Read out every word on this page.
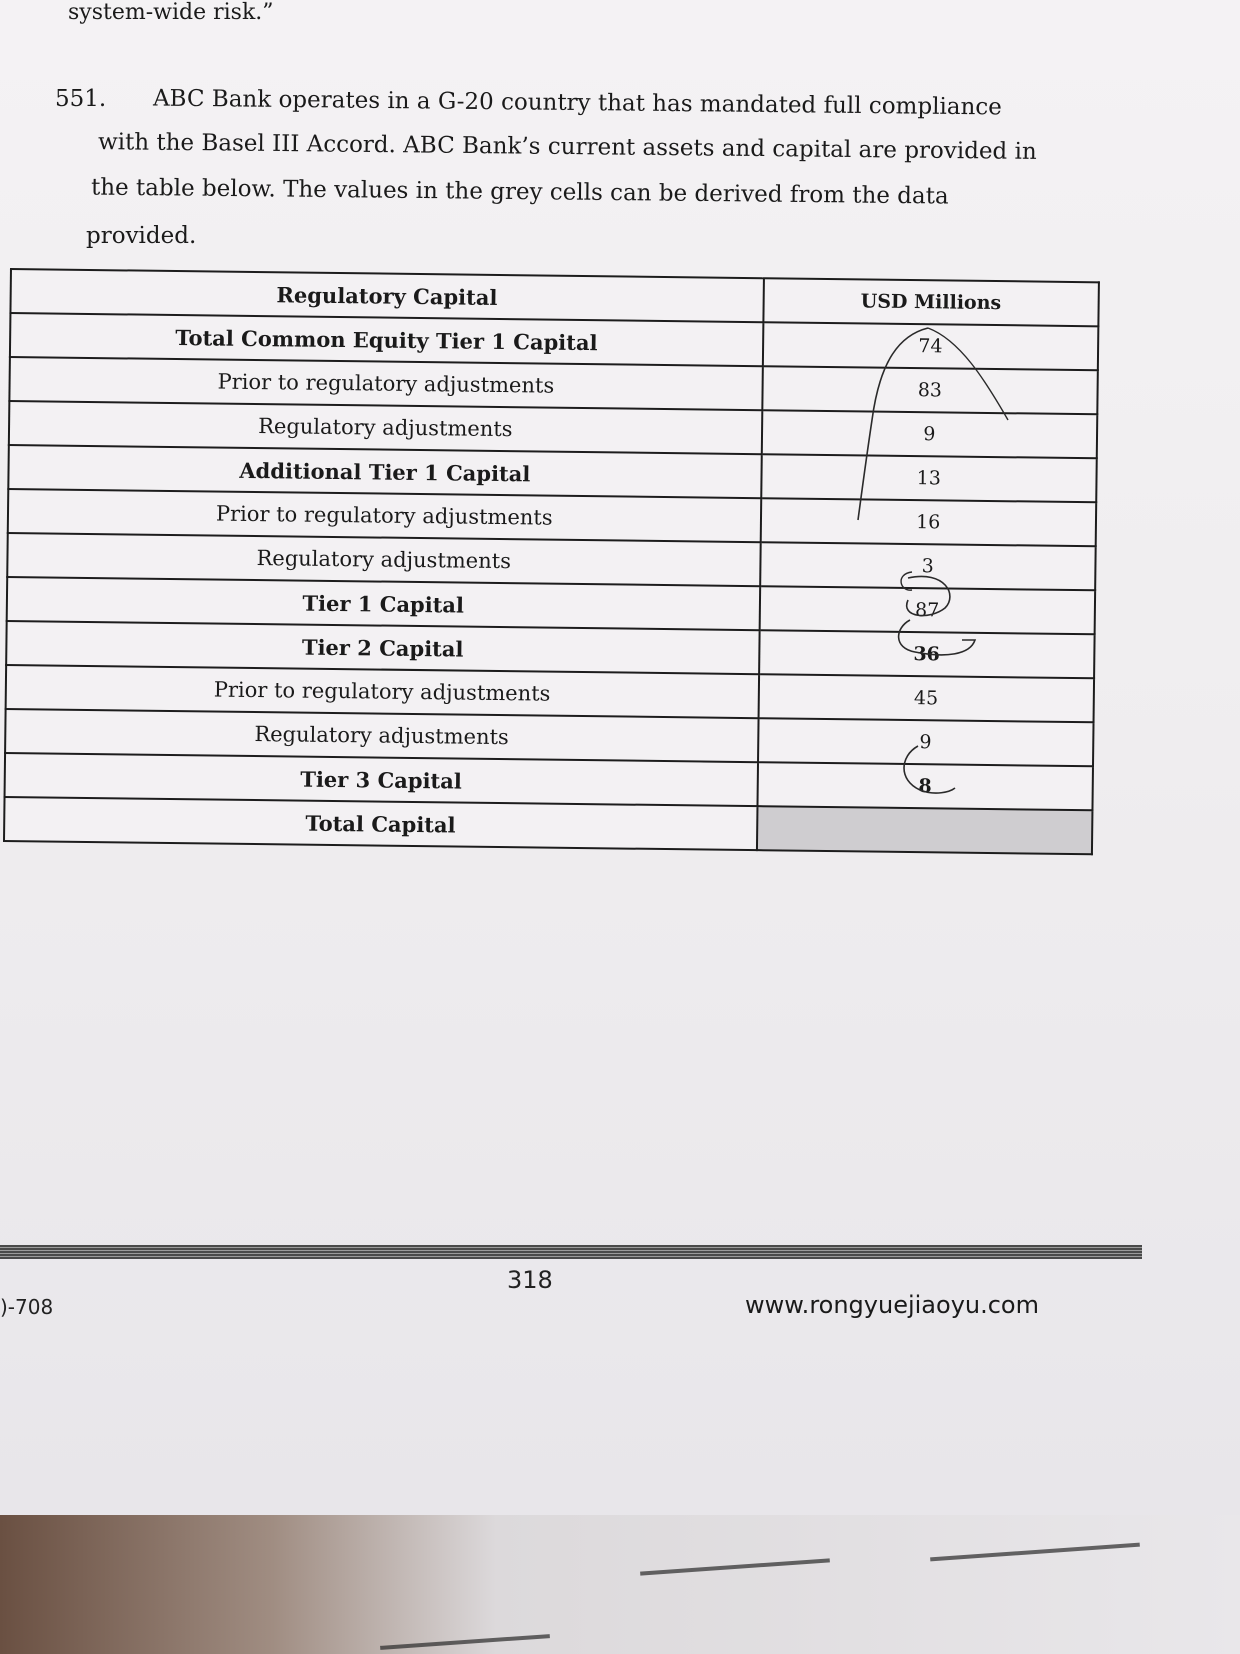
system-wide risk.”
551. ABC Bank operates in a G-20 country that has mandated full compliance
with the Basel III Accord. ABC Bank’s current assets and capital are provided in
the table below. The values in the grey cells can be derived from the data
provided.
Regulatory Capital	USD Millions
Total Common Equity Tier 1 Capital	74
Prior to regulatory adjustments	83
Regulatory adjustments	9
Additional Tier 1 Capital	13
Prior to regulatory adjustments	16
Regulatory adjustments	3
Tier 1 Capital	87
Tier 2 Capital	36
Prior to regulatory adjustments	45
Regulatory adjustments	9
Tier 3 Capital	8
Total Capital	
318
)-708	www.rongyuejiaoyu.com
